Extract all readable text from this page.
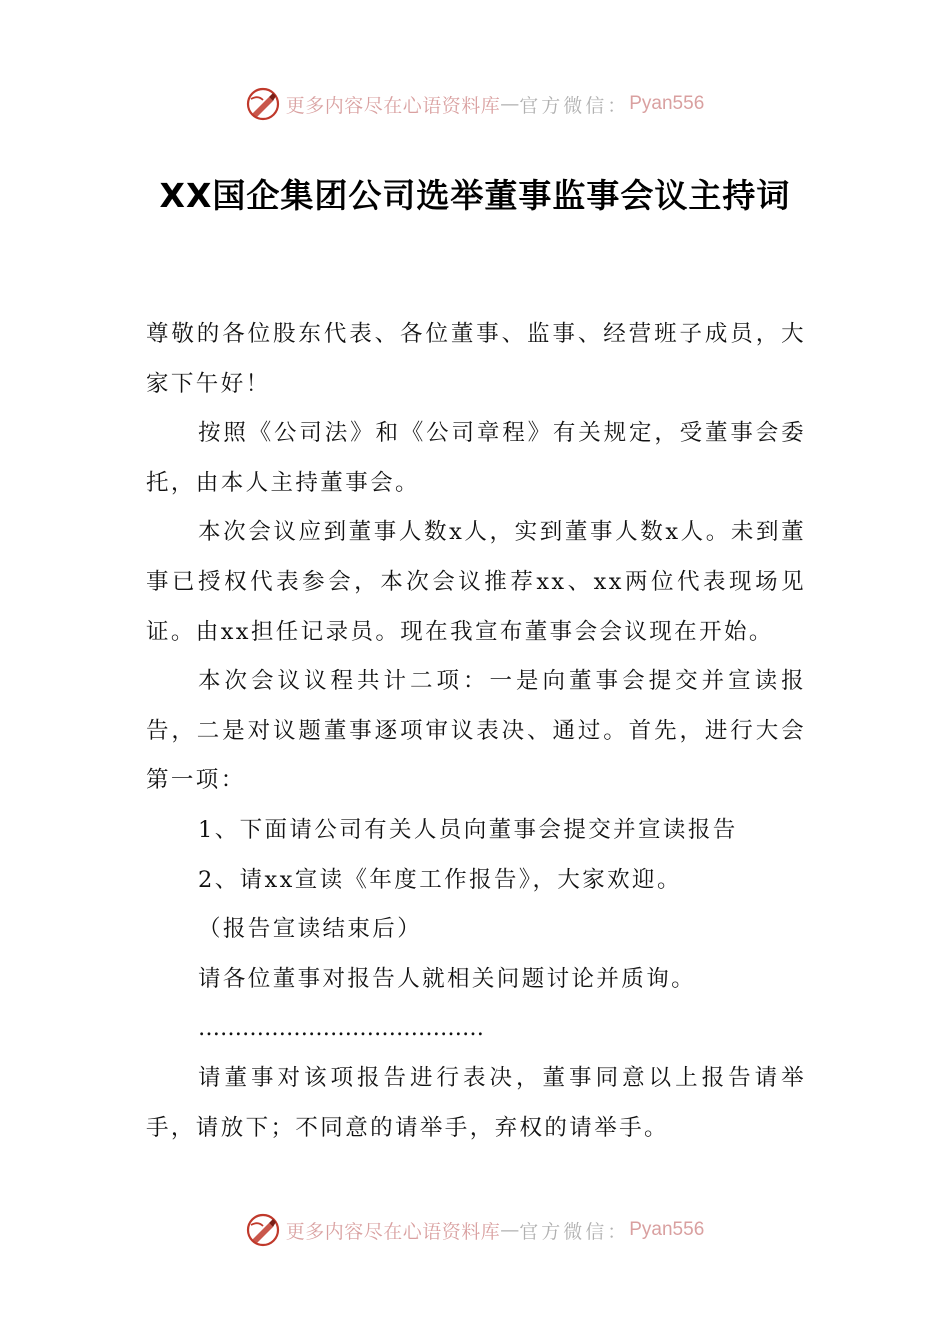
更多内容尽在心语资料库 — 官方微信： Pyan556
XX国企集团公司选举董事监事会议主持词

尊敬的各位股东代表、各位董事、监事、经营班子成员，大家下午好！

按照《公司法》和《公司章程》有关规定，受董事会委托，由本人主持董事会。

本次会议应到董事人数x人，实到董事人数x人。未到董事已授权代表参会，本次会议推荐xx、xx两位代表现场见证。由xx担任记录员。现在我宣布董事会会议现在开始。

本次会议议程共计二项：一是向董事会提交并宣读报告，二是对议题董事逐项审议表决、通过。首先，进行大会第一项：

1、下面请公司有关人员向董事会提交并宣读报告

2、请xx宣读《年度工作报告》，大家欢迎。

（报告宣读结束后）

请各位董事对报告人就相关问题讨论并质询。

…………………………………

请董事对该项报告进行表决，董事同意以上报告请举手，请放下；不同意的请举手，弃权的请举手。

更多内容尽在心语资料库 — 官方微信： Pyan556
